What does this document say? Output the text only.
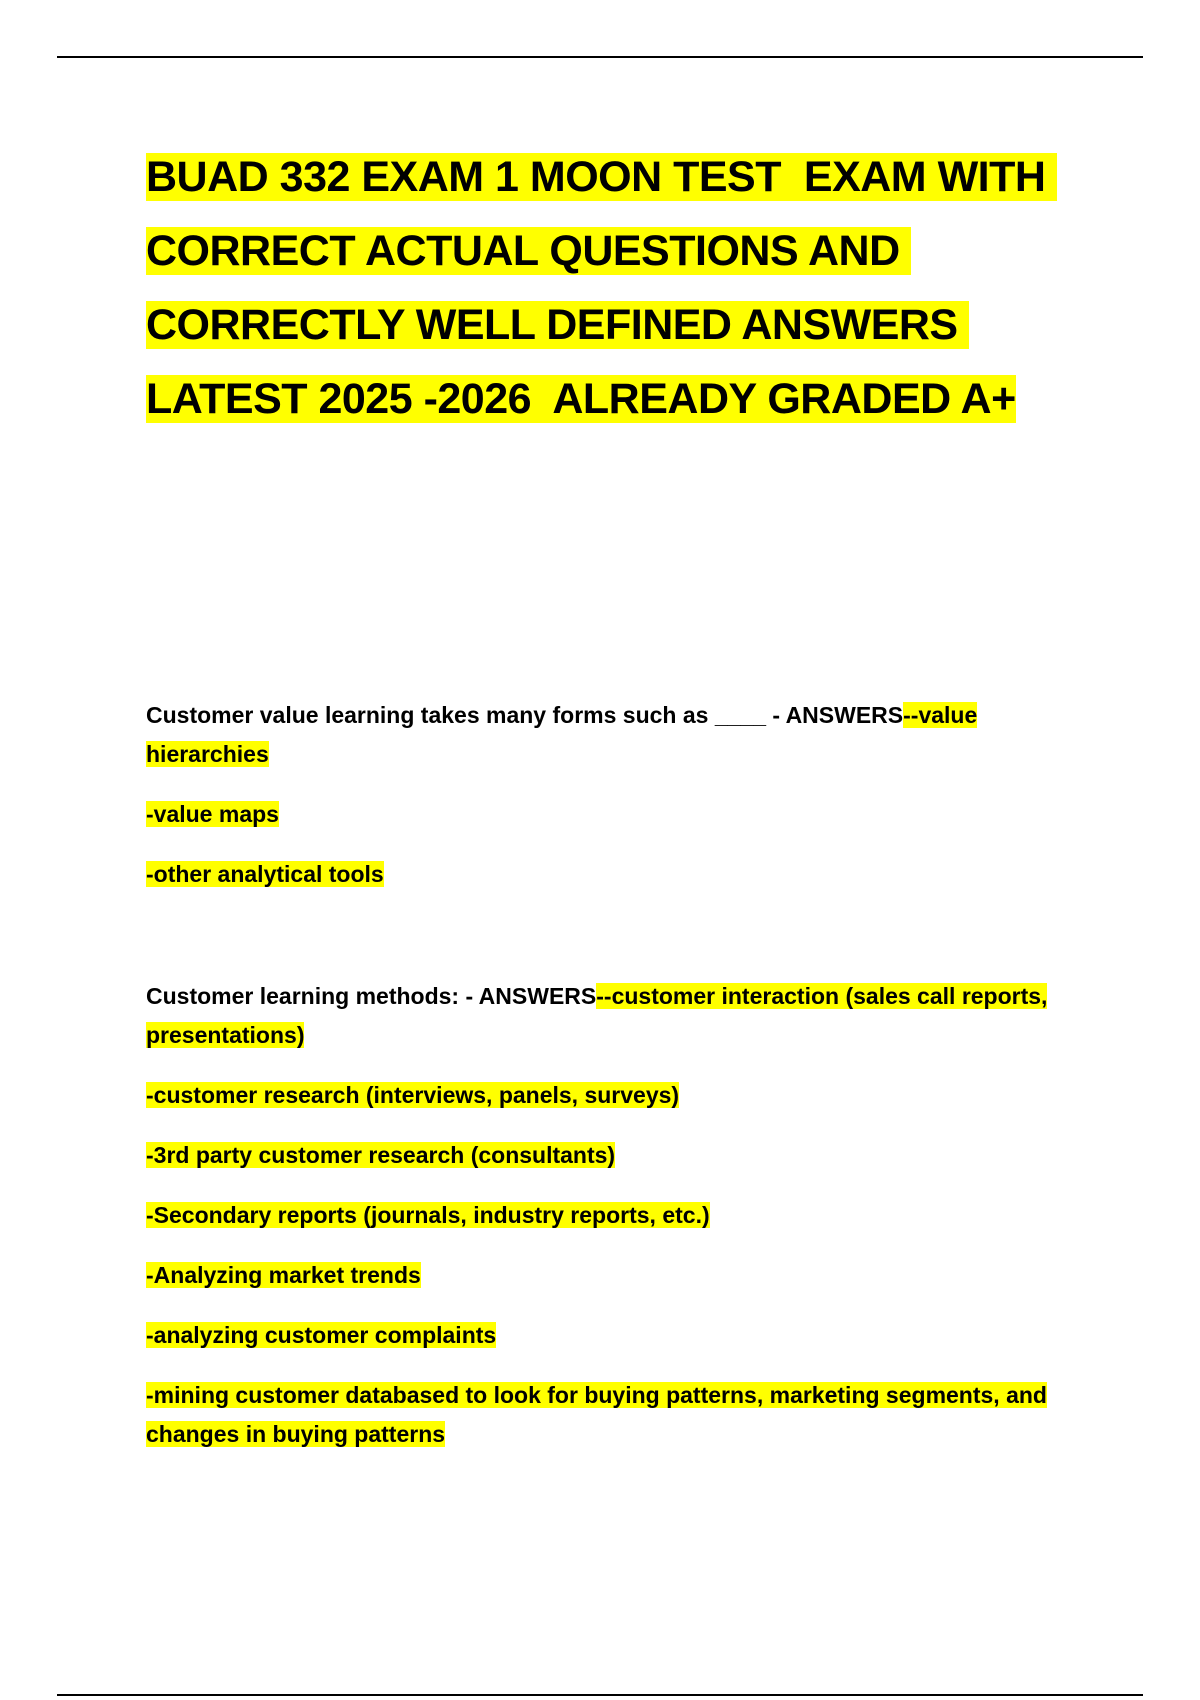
BUAD 332 EXAM 1 MOON TEST  EXAM WITH CORRECT ACTUAL QUESTIONS AND CORRECTLY WELL DEFINED ANSWERS LATEST 2025 -2026  ALREADY GRADED A+

Customer value learning takes many forms such as ____ - ANSWERS--value hierarchies

-value maps

-other analytical tools

Customer learning methods: - ANSWERS--customer interaction (sales call reports, presentations)

-customer research (interviews, panels, surveys)

-3rd party customer research (consultants)

-Secondary reports (journals, industry reports, etc.)

-Analyzing market trends

-analyzing customer complaints

-mining customer databased to look for buying patterns, marketing segments, and changes in buying patterns
